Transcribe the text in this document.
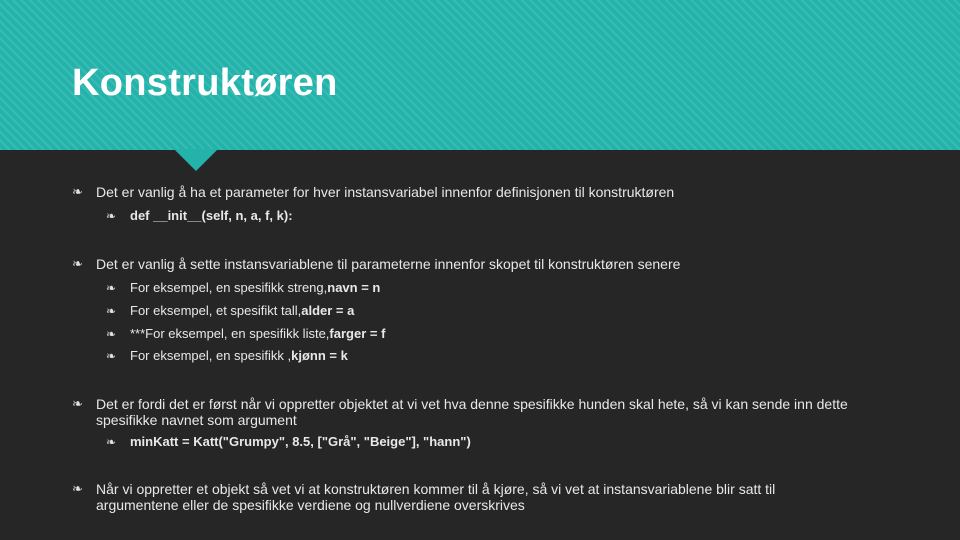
Konstruktøren
❧ Det er vanlig å ha et parameter for hver instansvariabel innenfor definisjonen til konstruktøren
❧	def __init__(self, n, a, f, k):
❧ Det er vanlig å sette instansvariablene til parameterne innenfor skopet til konstruktøren senere
❧	For eksempel, en spesifikk streng, navn = n
❧	For eksempel, et spesifikt tall, alder = a
❧	***For eksempel, en spesifikk liste, farger = f
❧	For eksempel, en spesifikk , kjønn = k
❧ Det er fordi det er først når vi oppretter objektet at vi vet hva denne spesifikke hunden skal hete, så vi kan sende inn dette spesifikke navnet som argument
❧	minKatt = Katt("Grumpy", 8.5, ["Grå", "Beige"], "hann")
❧ Når vi oppretter et objekt så vet vi at konstruktøren kommer til å kjøre, så vi vet at instansvariablene blir satt til argumentene eller de spesifikke verdiene og nullverdiene overskrives
